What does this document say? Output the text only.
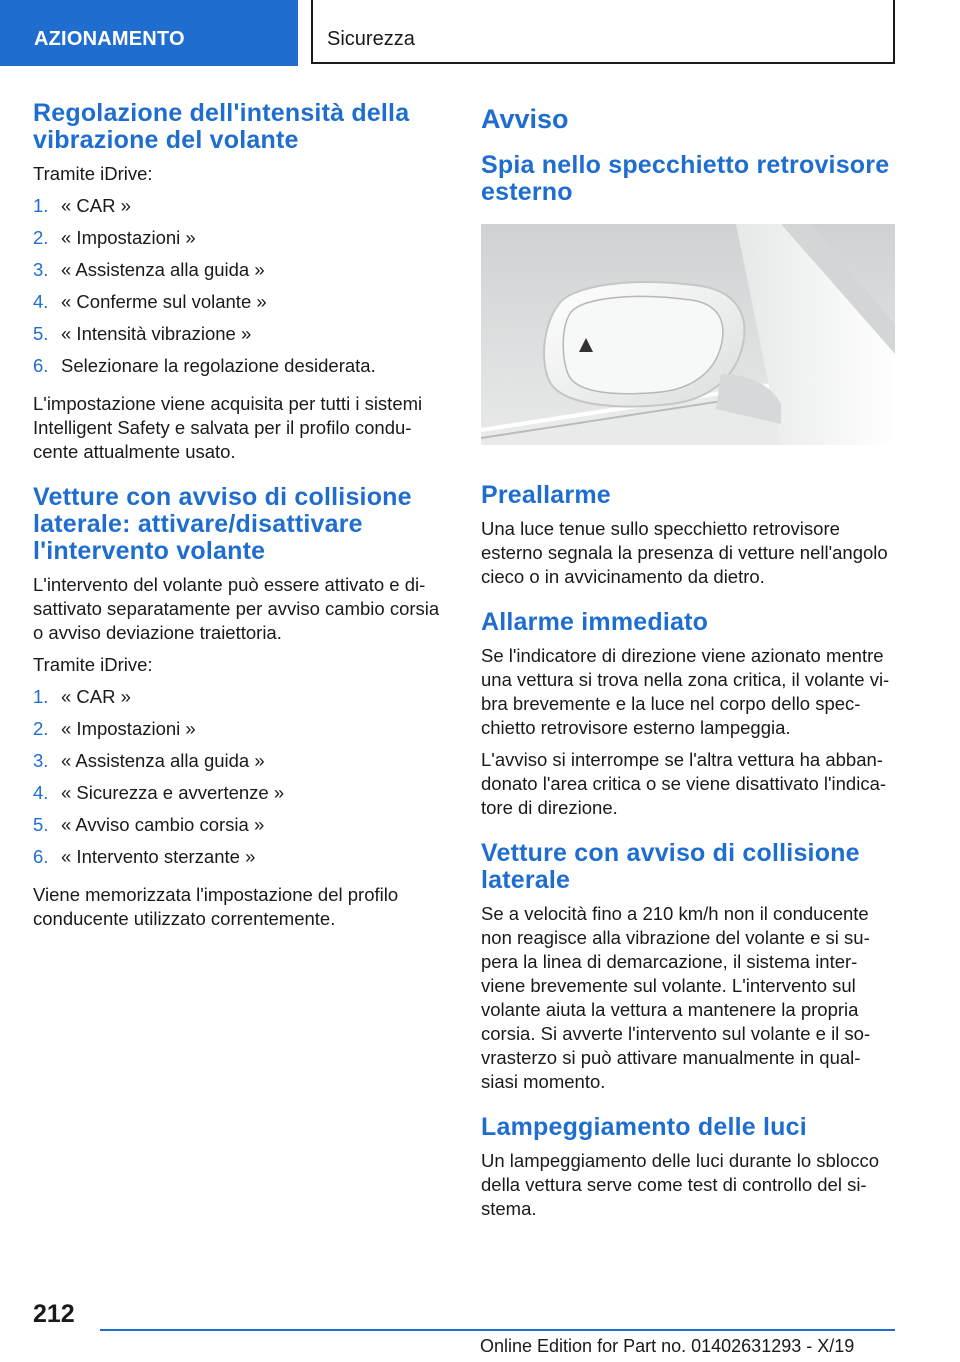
AZIONAMENTO	Sicurezza
Regolazione dell'intensità della vibrazione del volante

Tramite iDrive:

1. « CAR »
2. « Impostazioni »
3. « Assistenza alla guida »
4. « Conferme sul volante »
5. « Intensità vibrazione »
6. Selezionare la regolazione desiderata.

L'impostazione viene acquisita per tutti i sistemi Intelligent Safety e salvata per il profilo condu-cente attualmente usato.

Vetture con avviso di collisione laterale: attivare/disattivare l'intervento volante

L'intervento del volante può essere attivato e di-sattivato separatamente per avviso cambio corsia o avviso deviazione traiettoria.

Tramite iDrive:

1. « CAR »
2. « Impostazioni »
3. « Assistenza alla guida »
4. « Sicurezza e avvertenze »
5. « Avviso cambio corsia »
6. « Intervento sterzante »

Viene memorizzata l'impostazione del profilo conducente utilizzato correntemente.

Avviso
Spia nello specchietto retrovisore esterno
Preallarme

Una luce tenue sullo specchietto retrovisore esterno segnala la presenza di vetture nell'angolo cieco o in avvicinamento da dietro.

Allarme immediato

Se l'indicatore di direzione viene azionato mentre una vettura si trova nella zona critica, il volante vi-bra brevemente e la luce nel corpo dello spec-chietto retrovisore esterno lampeggia.

L'avviso si interrompe se l'altra vettura ha abban-donato l'area critica o se viene disattivato l'indica-tore di direzione.

Vetture con avviso di collisione laterale

Se a velocità fino a 210 km/h non il conducente non reagisce alla vibrazione del volante e si su-pera la linea di demarcazione, il sistema inter-viene brevemente sul volante. L'intervento sul volante aiuta la vettura a mantenere la propria corsia. Si avverte l'intervento sul volante e il so-vrasterzo si può attivare manualmente in qual-siasi momento.

Lampeggiamento delle luci

Un lampeggiamento delle luci durante lo sblocco della vettura serve come test di controllo del si-stema.

212
Online Edition for Part no. 01402631293 - X/19
